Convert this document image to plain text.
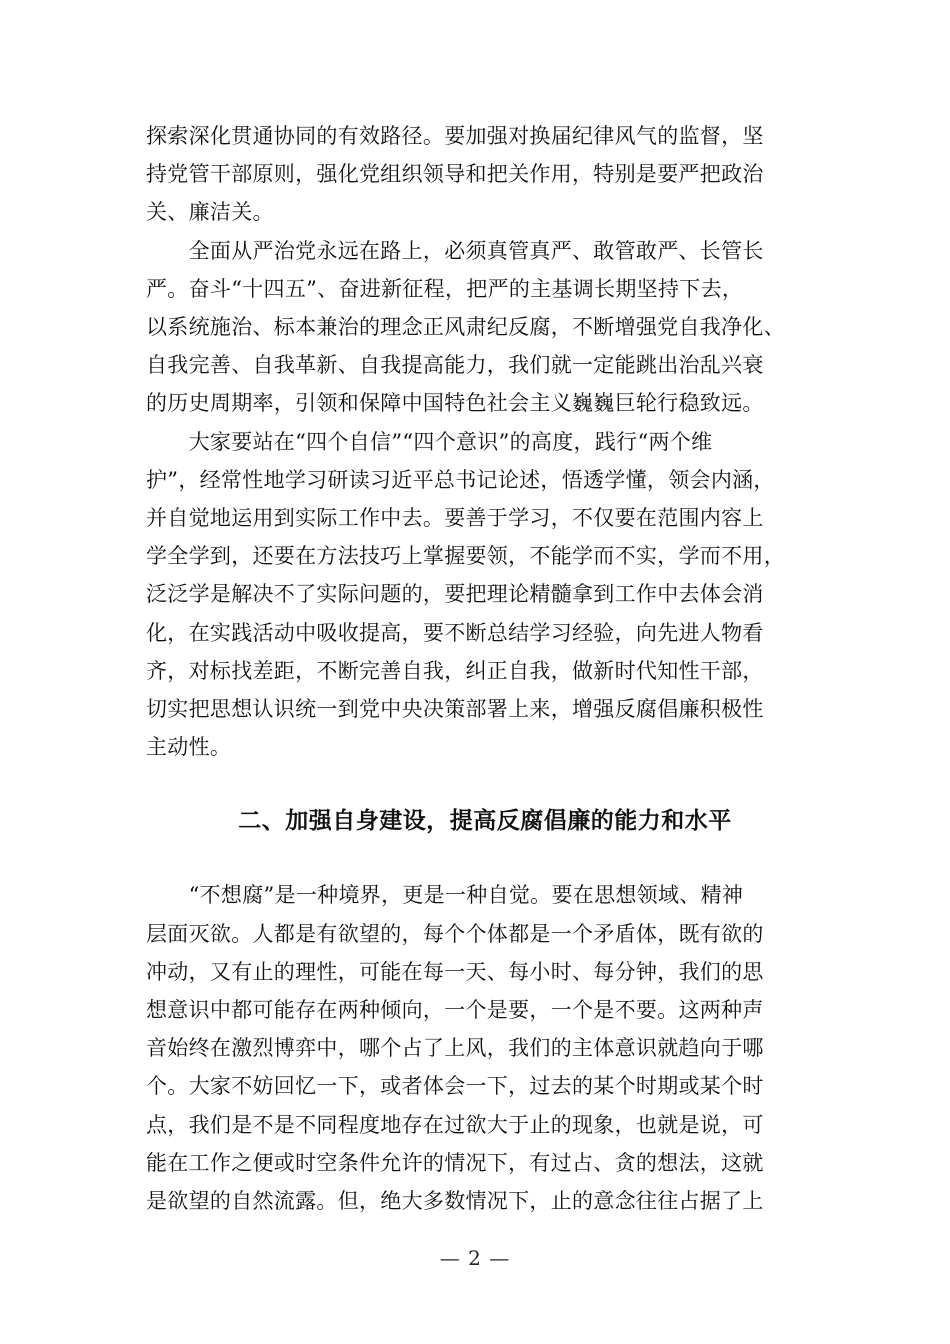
探索深化贯通协同的有效路径。要加强对换届纪律风气的监督，坚
持党管干部原则，强化党组织领导和把关作用，特别是要严把政治
关、廉洁关。

　　全面从严治党永远在路上，必须真管真严、敢管敢严、长管长
严。奋斗“十四五”、奋进新征程，把严的主基调长期坚持下去，
以系统施治、标本兼治的理念正风肃纪反腐，不断增强党自我净化、
自我完善、自我革新、自我提高能力，我们就一定能跳出治乱兴衰
的历史周期率，引领和保障中国特色社会主义巍巍巨轮行稳致远。

　　大家要站在“四个自信”“四个意识”的高度，践行“两个维
护”，经常性地学习研读习近平总书记论述，悟透学懂，领会内涵，
并自觉地运用到实际工作中去。要善于学习，不仅要在范围内容上
学全学到，还要在方法技巧上掌握要领，不能学而不实，学而不用，
泛泛学是解决不了实际问题的，要把理论精髓拿到工作中去体会消
化，在实践活动中吸收提高，要不断总结学习经验，向先进人物看
齐，对标找差距，不断完善自我，纠正自我，做新时代知性干部，
切实把思想认识统一到党中央决策部署上来，增强反腐倡廉积极性
主动性。

二、加强自身建设，提高反腐倡廉的能力和水平

　　“不想腐”是一种境界，更是一种自觉。要在思想领域、精神
层面灭欲。人都是有欲望的，每个个体都是一个矛盾体，既有欲的
冲动，又有止的理性，可能在每一天、每小时、每分钟，我们的思
想意识中都可能存在两种倾向，一个是要，一个是不要。这两种声
音始终在激烈博弈中，哪个占了上风，我们的主体意识就趋向于哪
个。大家不妨回忆一下，或者体会一下，过去的某个时期或某个时
点，我们是不是不同程度地存在过欲大于止的现象，也就是说，可
能在工作之便或时空条件允许的情况下，有过占、贪的想法，这就
是欲望的自然流露。但，绝大多数情况下，止的意念往往占据了上

— 2 —
